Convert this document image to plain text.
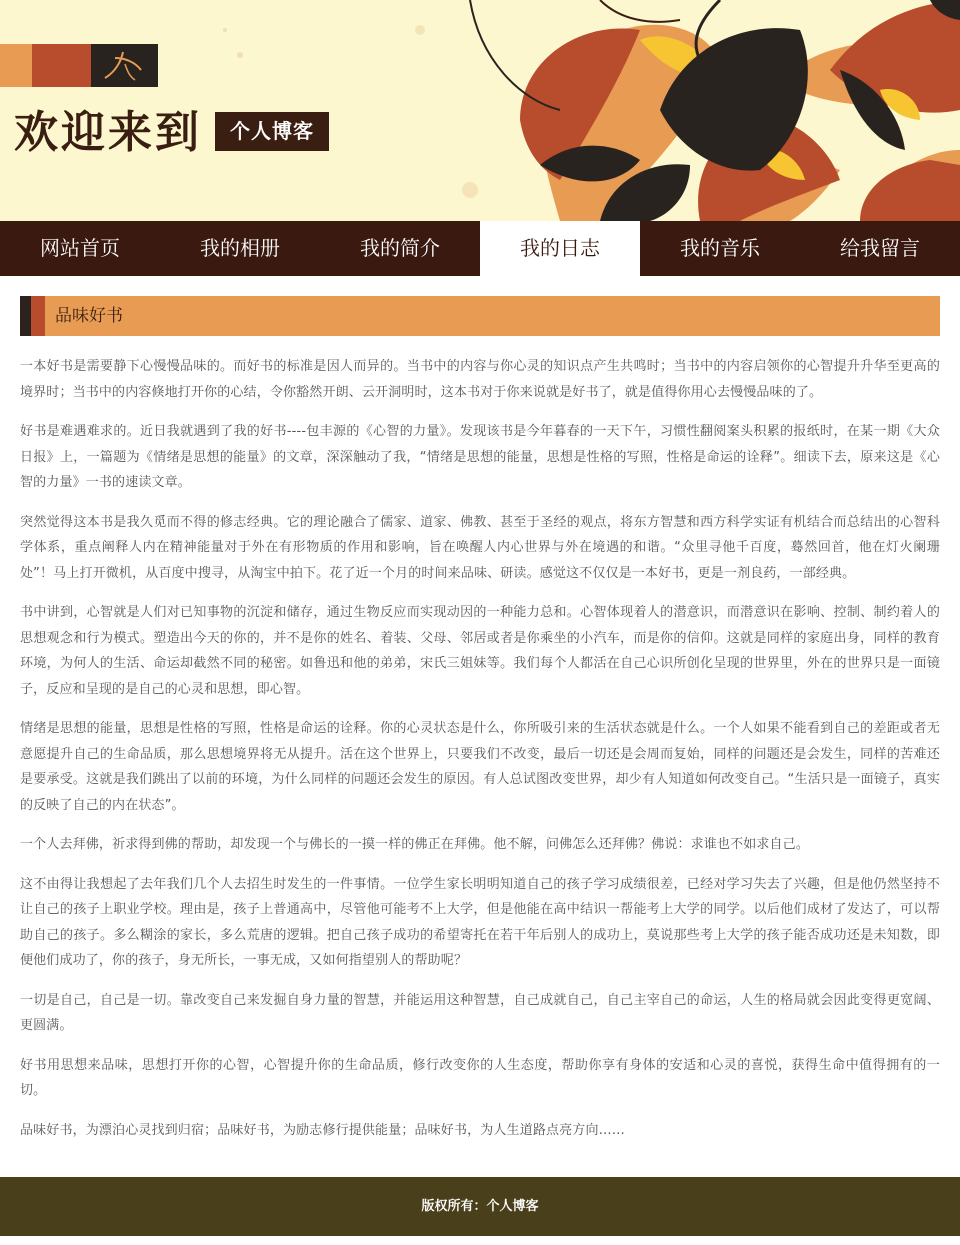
欢迎来到	个人博客
网站首页	我的相册	我的简介	我的日志	我的音乐	给我留言
品味好书

一本好书是需要静下心慢慢品味的。而好书的标准是因人而异的。当书中的内容与你心灵的知识点产生共鸣时；当书中的内容启领你的心智提升升华至更高的境界时；当书中的内容倏地打开你的心结，令你豁然开朗、云开洞明时，这本书对于你来说就是好书了，就是值得你用心去慢慢品味的了。

好书是难遇难求的。近日我就遇到了我的好书----包丰源的《心智的力量》。发现该书是今年暮春的一天下午，习惯性翻阅案头积累的报纸时，在某一期《大众日报》上，一篇题为《情绪是思想的能量》的文章，深深触动了我，“情绪是思想的能量，思想是性格的写照，性格是命运的诠释”。细读下去，原来这是《心智的力量》一书的速读文章。

突然觉得这本书是我久觅而不得的修志经典。它的理论融合了儒家、道家、佛教、甚至于圣经的观点，将东方智慧和西方科学实证有机结合而总结出的心智科学体系，重点阐释人内在精神能量对于外在有形物质的作用和影响，旨在唤醒人内心世界与外在境遇的和谐。“众里寻他千百度，蓦然回首，他在灯火阑珊处”！马上打开微机，从百度中搜寻，从淘宝中拍下。花了近一个月的时间来品味、研读。感觉这不仅仅是一本好书，更是一剂良药，一部经典。

书中讲到，心智就是人们对已知事物的沉淀和储存，通过生物反应而实现动因的一种能力总和。心智体现着人的潜意识，而潜意识在影响、控制、制约着人的思想观念和行为模式。塑造出今天的你的，并不是你的姓名、着装、父母、邻居或者是你乘坐的小汽车，而是你的信仰。这就是同样的家庭出身，同样的教育环境，为何人的生活、命运却截然不同的秘密。如鲁迅和他的弟弟，宋氏三姐妹等。我们每个人都活在自己心识所创化呈现的世界里，外在的世界只是一面镜子，反应和呈现的是自己的心灵和思想，即心智。

情绪是思想的能量，思想是性格的写照，性格是命运的诠释。你的心灵状态是什么，你所吸引来的生活状态就是什么。一个人如果不能看到自己的差距或者无意愿提升自己的生命品质，那么思想境界将无从提升。活在这个世界上，只要我们不改变，最后一切还是会周而复始，同样的问题还是会发生，同样的苦难还是要承受。这就是我们跳出了以前的环境，为什么同样的问题还会发生的原因。有人总试图改变世界，却少有人知道如何改变自己。“生活只是一面镜子，真实的反映了自己的内在状态”。

一个人去拜佛，祈求得到佛的帮助，却发现一个与佛长的一摸一样的佛正在拜佛。他不解，问佛怎么还拜佛？佛说：求谁也不如求自己。

这不由得让我想起了去年我们几个人去招生时发生的一件事情。一位学生家长明明知道自己的孩子学习成绩很差，已经对学习失去了兴趣，但是他仍然坚持不让自己的孩子上职业学校。理由是，孩子上普通高中，尽管他可能考不上大学，但是他能在高中结识一帮能考上大学的同学。以后他们成材了发达了，可以帮助自己的孩子。多么糊涂的家长，多么荒唐的逻辑。把自己孩子成功的希望寄托在若干年后别人的成功上，莫说那些考上大学的孩子能否成功还是未知数，即便他们成功了，你的孩子，身无所长，一事无成，又如何指望别人的帮助呢？

一切是自己，自己是一切。靠改变自己来发掘自身力量的智慧，并能运用这种智慧，自己成就自己，自己主宰自己的命运，人生的格局就会因此变得更宽阔、更圆满。

好书用思想来品味，思想打开你的心智，心智提升你的生命品质，修行改变你的人生态度，帮助你享有身体的安适和心灵的喜悦，获得生命中值得拥有的一切。

品味好书，为漂泊心灵找到归宿；品味好书，为励志修行提供能量；品味好书，为人生道路点亮方向……

版权所有：个人博客
